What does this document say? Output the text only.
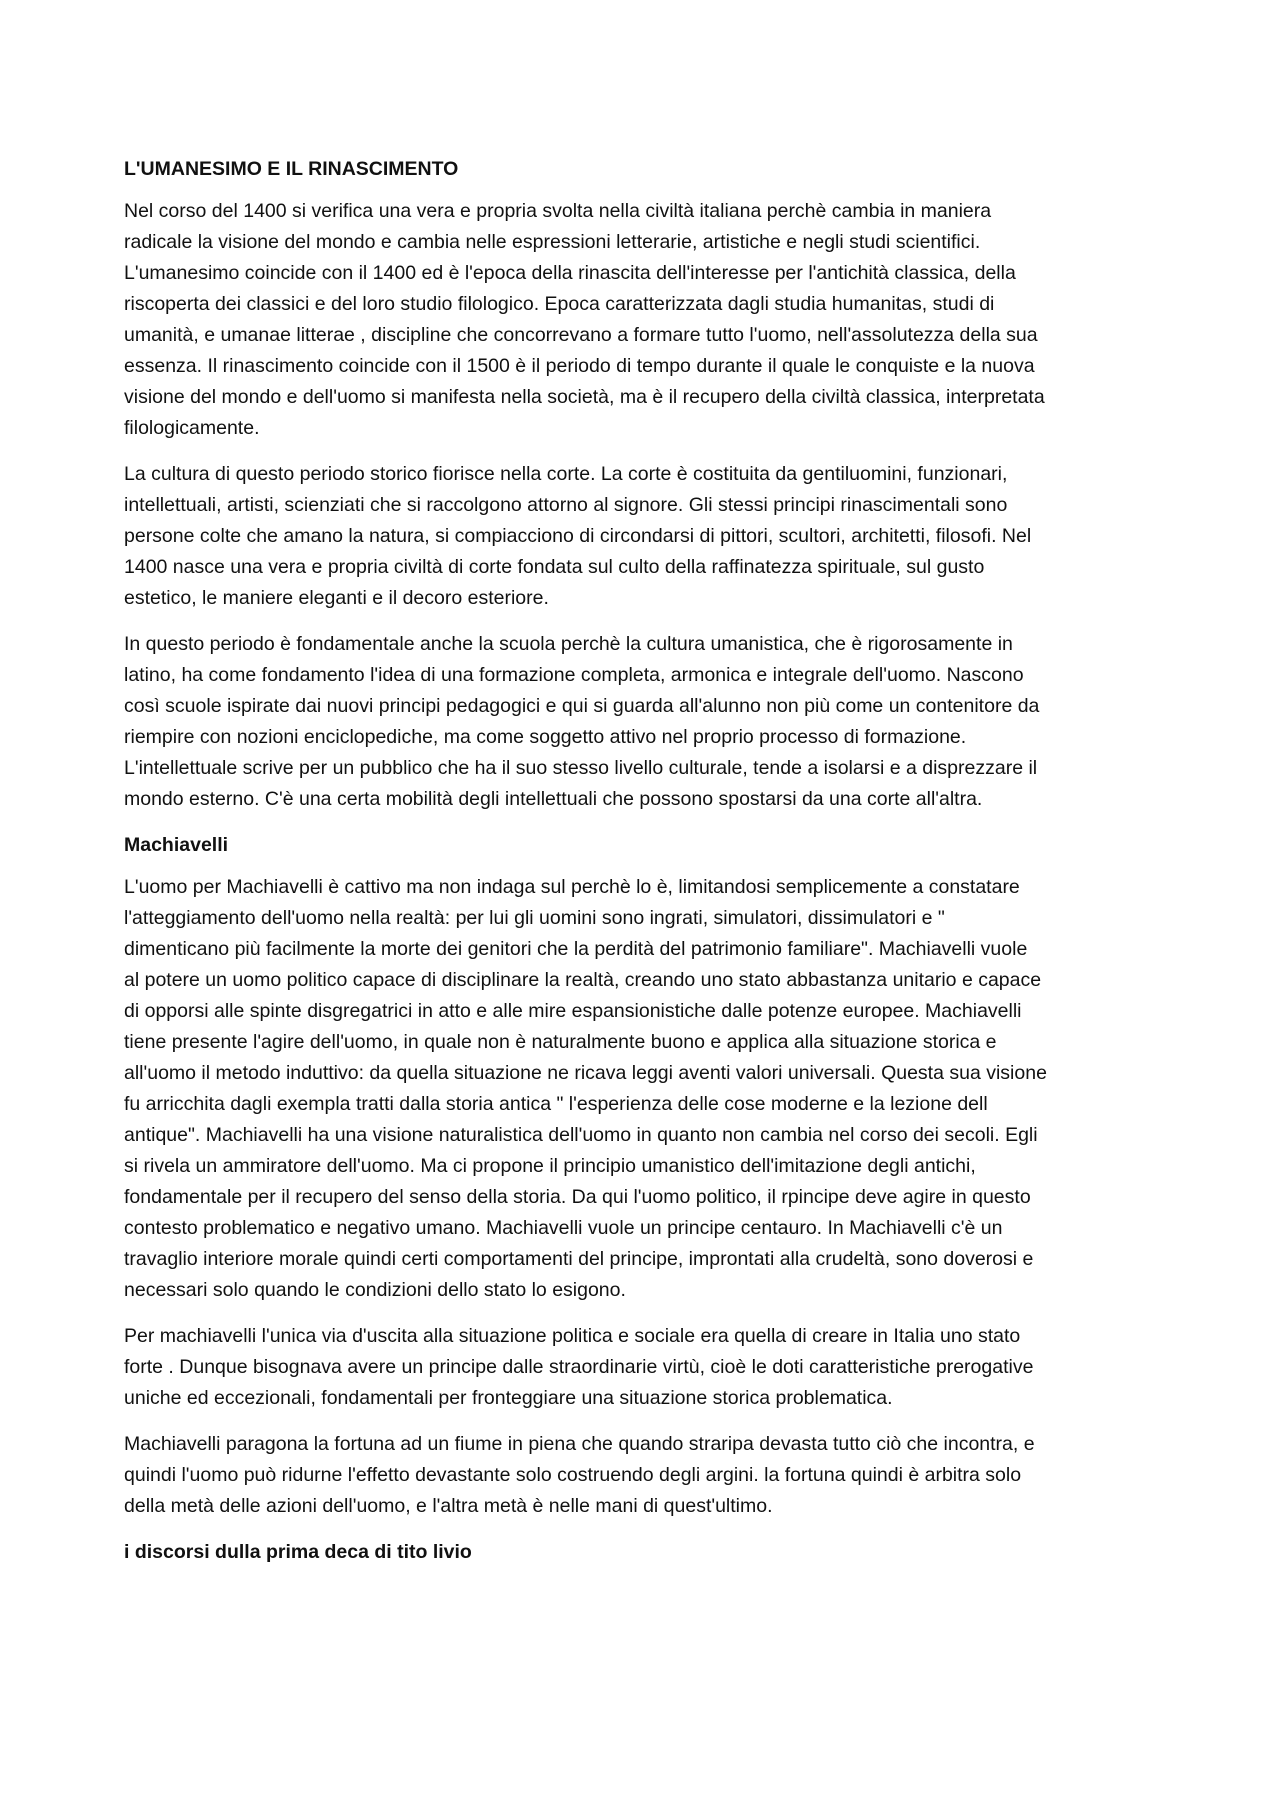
L'UMANESIMO E IL RINASCIMENTO
Nel corso del 1400 si verifica una vera e propria svolta nella civiltà italiana perchè cambia in maniera
radicale la visione del mondo e cambia nelle espressioni letterarie, artistiche e negli studi scientifici.
L'umanesimo coincide con il 1400 ed è l'epoca della rinascita dell'interesse per l'antichità classica, della
riscoperta dei classici e del loro studio filologico. Epoca caratterizzata dagli studia humanitas, studi di
umanità, e umanae litterae , discipline che concorrevano a formare tutto l'uomo, nell'assolutezza della sua
essenza. Il rinascimento coincide con il 1500 è il periodo di tempo durante il quale le conquiste e la nuova
visione del mondo e dell'uomo si manifesta nella società, ma è il recupero della civiltà classica, interpretata
filologicamente.
La cultura di questo periodo storico fiorisce nella corte. La corte è costituita da gentiluomini, funzionari,
intellettuali, artisti, scienziati che si raccolgono attorno al signore. Gli stessi principi rinascimentali sono
persone colte che amano la natura, si compiacciono di circondarsi di pittori, scultori, architetti, filosofi. Nel
1400 nasce una vera e propria civiltà di corte fondata sul culto della raffinatezza spirituale, sul gusto
estetico, le maniere eleganti e il decoro esteriore.
In questo periodo è fondamentale anche la scuola perchè la cultura umanistica, che è rigorosamente in
latino, ha come fondamento l'idea di una formazione completa, armonica e integrale dell'uomo. Nascono
così scuole ispirate dai nuovi principi pedagogici e qui si guarda all'alunno non più come un contenitore da
riempire con nozioni enciclopediche, ma come soggetto attivo nel proprio processo di formazione.
L'intellettuale scrive per un pubblico che ha il suo stesso livello culturale, tende a isolarsi e a disprezzare il
mondo esterno. C'è una certa mobilità degli intellettuali che possono spostarsi da una corte all'altra.
Machiavelli
L'uomo per Machiavelli è cattivo ma non indaga sul perchè lo è, limitandosi semplicemente a constatare
l'atteggiamento dell'uomo nella realtà: per lui gli uomini sono ingrati, simulatori, dissimulatori e "
dimenticano più facilmente la morte dei genitori che la perdità del patrimonio familiare". Machiavelli vuole
al potere un uomo politico capace di disciplinare la realtà, creando uno stato abbastanza unitario e capace
di opporsi alle spinte disgregatrici in atto e alle mire espansionistiche dalle potenze europee. Machiavelli
tiene presente l'agire dell'uomo, in quale non è naturalmente buono e applica alla situazione storica e
all'uomo il metodo induttivo: da quella situazione ne ricava leggi aventi valori universali. Questa sua visione
fu arricchita dagli exempla tratti dalla storia antica " l'esperienza delle cose moderne e la lezione dell
antique". Machiavelli ha una visione naturalistica dell'uomo in quanto non cambia nel corso dei secoli. Egli
si rivela un ammiratore dell'uomo. Ma ci propone il principio umanistico dell'imitazione degli antichi,
fondamentale per il recupero del senso della storia. Da qui l'uomo politico, il rpincipe deve agire in questo
contesto problematico e negativo umano. Machiavelli vuole un principe centauro. In Machiavelli c'è un
travaglio interiore morale quindi certi comportamenti del principe, improntati alla crudeltà, sono doverosi e
necessari solo quando le condizioni dello stato lo esigono.
Per machiavelli l'unica via d'uscita alla situazione politica e sociale era quella di creare in Italia uno stato
forte . Dunque bisognava avere un principe dalle straordinarie virtù, cioè le doti caratteristiche prerogative
uniche ed eccezionali, fondamentali per fronteggiare una situazione storica problematica.
Machiavelli paragona la fortuna ad un fiume in piena che quando straripa devasta tutto ciò che incontra, e
quindi l'uomo può ridurne l'effetto devastante solo costruendo degli argini. la fortuna quindi è arbitra solo
della metà delle azioni dell'uomo, e l'altra metà è nelle mani di quest'ultimo.
i discorsi dulla prima deca di tito livio
